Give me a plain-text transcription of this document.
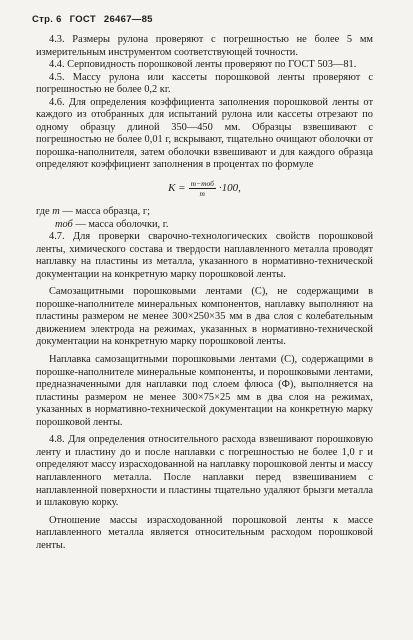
Стр. 6 ГОСТ 26467—85

4.3. Размеры рулона проверяют с погрешностью не более 5 мм измерительным инструментом соответствующей точности.

4.4. Серповидность порошковой ленты проверяют по ГОСТ 503—81.

4.5. Массу рулона или кассеты порошковой ленты проверяют с погрешностью не более 0,2 кг.

4.6. Для определения коэффициента заполнения порошковой ленты от каждого из отобранных для испытаний рулона или кассеты отрезают по одному образцу длиной 350—450 мм. Образцы взвешивают с погрешностью не более 0,01 г, вскрывают, тщательно очищают оболочки от порошка-наполнителя, затем оболочки взвешивают и для каждого образца определяют коэффициент заполнения в процентах по формуле

$K = \frac{\text{m−mоб}}{m} \cdot 100$,
где m — масса образца, г;
mоб — масса оболочки, г.

4.7. Для проверки сварочно-технологических свойств порошковой ленты, химического состава и твердости наплавленного металла проводят наплавку на пластины из металла, указанного в нормативно-технической документации на конкретную марку порошковой ленты.

Самозащитными порошковыми лентами (С), не содержащими в порошке-наполнителе минеральных компонентов, наплавку выполняют на пластины размером не менее 300×250×35 мм в два слоя с колебательным движением электрода на режимах, указанных в нормативно-технической документации на конкретную марку порошковой ленты.

Наплавка самозащитными порошковыми лентами (С), содержащими в порошке-наполнителе минеральные компоненты, и порошковыми лентами, предназначенными для наплавки под слоем флюса (Ф), выполняется на пластины размером не менее 300×75×25 мм в два слоя на режимах, указанных в нормативно-технической документации на конкретную марку порошковой ленты.

4.8. Для определения относительного расхода взвешивают порошковую ленту и пластину до и после наплавки с погрешностью не более 1,0 г и определяют массу израсходованной на наплавку порошковой ленты и массу наплавленного металла. После наплавки перед взвешиванием с наплавленной поверхности и пластины тщательно удаляют брызги металла и шлаковую корку.

Отношение массы израсходованной порошковой ленты к массе наплавленного металла является относительным расходом порошковой ленты.
